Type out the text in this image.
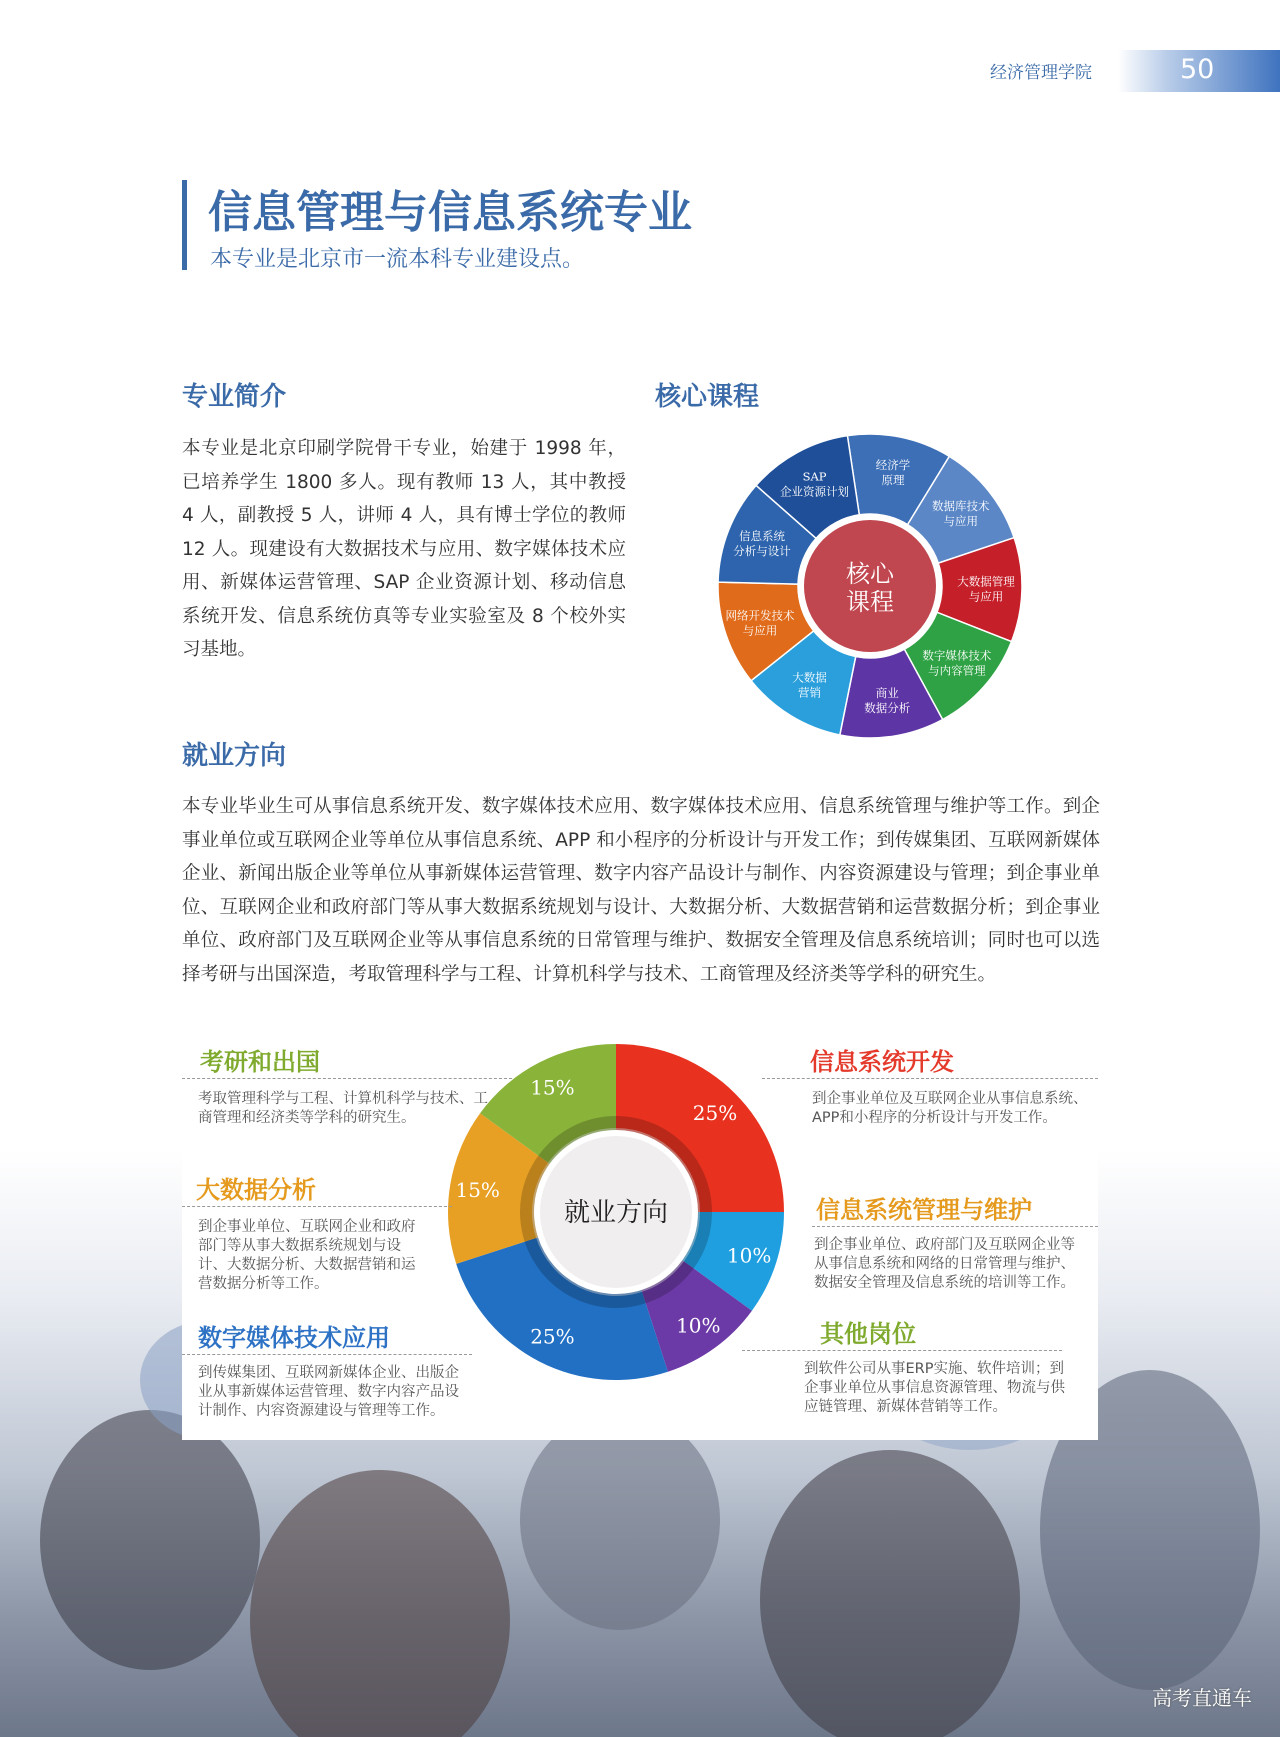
经济管理学院	50
信息管理与信息系统专业
本专业是北京市一流本科专业建设点。
专业简介
本专业是北京印刷学院骨干专业，始建于 1998 年，已培养学生 1800 多人。现有教师 13 人，其中教授 4 人，副教授 5 人，讲师 4 人，具有博士学位的教师 12 人。现建设有大数据技术与应用、数字媒体技术应用、新媒体运营管理、SAP 企业资源计划、移动信息系统开发、信息系统仿真等专业实验室及 8 个校外实习基地。
核心课程
经济学
原理
数据库技术
与应用
大数据管理
与应用
数字媒体技术
与内容管理
商业
数据分析
大数据
营销
网络开发技术
与应用
信息系统
分析与设计
SAP
企业资源计划
核心
课程
就业方向
本专业毕业生可从事信息系统开发、数字媒体技术应用、数字媒体技术应用、信息系统管理与维护等工作。到企事业单位或互联网企业等单位从事信息系统、APP 和小程序的分析设计与开发工作；到传媒集团、互联网新媒体企业、新闻出版企业等单位从事新媒体运营管理、数字内容产品设计与制作、内容资源建设与管理；到企事业单位、互联网企业和政府部门等从事大数据系统规划与设计、大数据分析、大数据营销和运营数据分析；到企事业单位、政府部门及互联网企业等从事信息系统的日常管理与维护、数据安全管理及信息系统培训；同时也可以选择考研与出国深造，考取管理科学与工程、计算机科学与技术、工商管理及经济类等学科的研究生。
25%
10%
10%
25%
15%
15%
就业方向
考研和出国
考取管理科学与工程、计算机科学与技术、工商管理和经济类等学科的研究生。
大数据分析
到企事业单位、互联网企业和政府部门等从事大数据系统规划与设计、大数据分析、大数据营销和运营数据分析等工作。
数字媒体技术应用
到传媒集团、互联网新媒体企业、出版企业从事新媒体运营管理、数字内容产品设计制作、内容资源建设与管理等工作。
信息系统开发
到企事业单位及互联网企业从事信息系统、APP和小程序的分析设计与开发工作。
信息系统管理与维护
到企事业单位、政府部门及互联网企业等从事信息系统和网络的日常管理与维护、数据安全管理及信息系统的培训等工作。
其他岗位
到软件公司从事ERP实施、软件培训；到企事业单位从事信息资源管理、物流与供应链管理、新媒体营销等工作。
高考直通车
